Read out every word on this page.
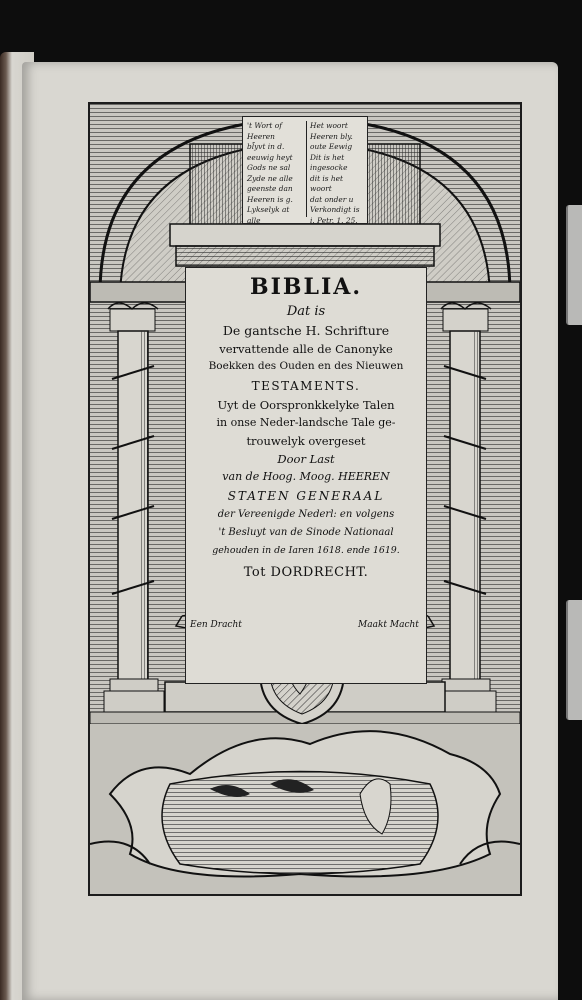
't Wort of
Heeren
bl̄yvt in d.
eeuwig heyt
Gods ne sal
Zyde ne alle
geenste dan
Heeren is g.
Lykselyk at alle
Het woort
Heeren bly.
oute Eewig
Dit is het
ingesocke
dit is het woort
dat onder u
Verkondigt is
i. Petr. 1. 25.
BIBLIA.
Dat is
De gantsche H. Schrifture
vervattende alle de Canonyke
Boekken des Ouden en des Nieuwen
TESTAMENTS.
Uyt de Oorspronkkelyke Talen
in onse Neder-landsche Tale ge-
trouwelyk overgeset
Door Last
van de Hoog. Moog. HEEREN
STATEN GENERAAL
der Vereenigde Nederl: en volgens
't Besluyt van de Sinode Nationaal
gehouden in de Iaren 1618. ende 1619.
Tot DORDRECHT.
Een Dracht	Maakt Macht
